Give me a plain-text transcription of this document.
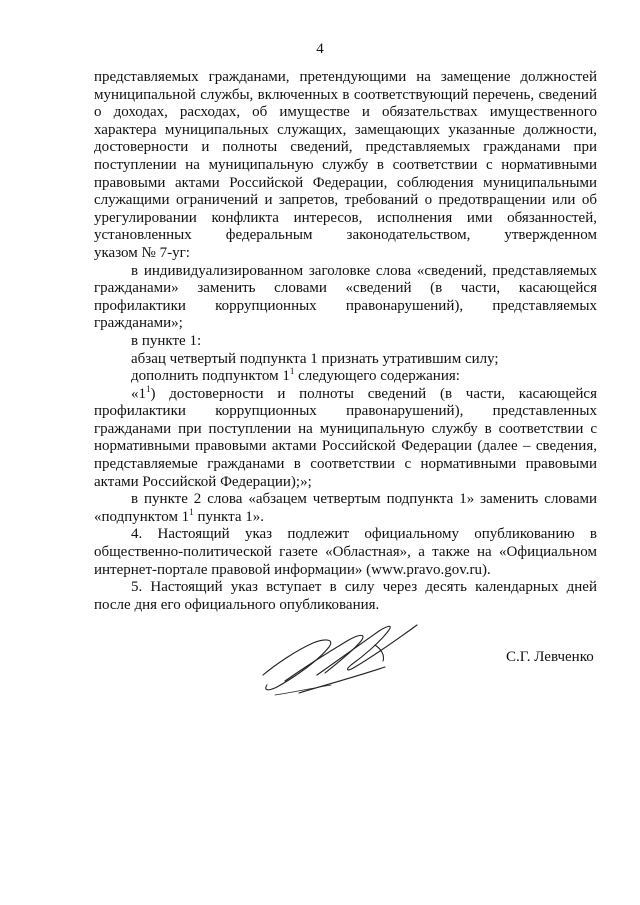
4

представляемых гражданами, претендующими на замещение должностей муниципальной службы, включенных в соответствующий перечень, сведений о доходах, расходах, об имуществе и обязательствах имущественного характера муниципальных служащих, замещающих указанные должности, достоверности и полноты сведений, представляемых гражданами при поступлении на муниципальную службу в соответствии с нормативными правовыми актами Российской Федерации, соблюдения муниципальными служащими ограничений и запретов, требований о предотвращении или об урегулировании конфликта интересов, исполнения ими обязанностей, установленных федеральным законодательством, утвержденном

указом № 7-уг:

в индивидуализированном заголовке слова «сведений, представляемых гражданами» заменить словами «сведений (в части, касающейся профилактики коррупционных правонарушений), представляемых

гражданами»;

в пункте 1:

абзац четвертый подпункта 1 признать утратившим силу;

дополнить подпунктом $1^1$ следующего содержания:

«$1^1$) достоверности и полноты сведений (в части, касающейся профилактики коррупционных правонарушений), представленных гражданами при поступлении на муниципальную службу в соответствии с нормативными правовыми актами Российской Федерации (далее – сведения, представляемые гражданами в соответствии с нормативными правовыми

актами Российской Федерации);»;

в пункте 2 слова «абзацем четвертым подпункта 1» заменить словами

«подпунктом $1^1$ пункта 1».

4. Настоящий указ подлежит официальному опубликованию в общественно-политической газете «Областная», а также на «Официальном

интернет-портале правовой информации» (www.pravo.gov.ru).

5. Настоящий указ вступает в силу через десять календарных дней

после дня его официального опубликования.

С.Г. Левченко
